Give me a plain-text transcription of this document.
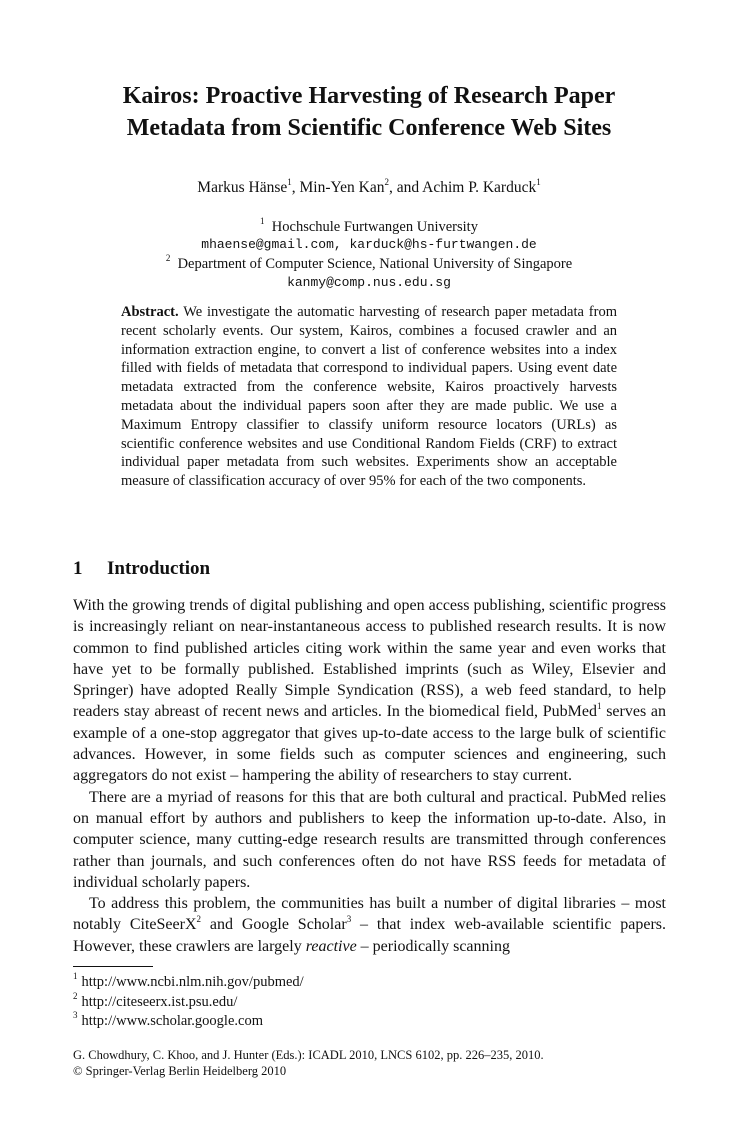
Kairos: Proactive Harvesting of Research Paper
Metadata from Scientific Conference Web Sites
Markus Hänse$^1$, Min-Yen Kan$^2$, and Achim P. Karduck$^1$
$^1$ Hochschule Furtwangen University
mhaense@gmail.com, karduck@hs-furtwangen.de
$^2$ Department of Computer Science, National University of Singapore
kanmy@comp.nus.edu.sg
Abstract. We investigate the automatic harvesting of research paper metadata from recent scholarly events. Our system, Kairos, combines a focused crawler and an information extraction engine, to convert a list of conference websites into a index filled with fields of metadata that correspond to individual papers. Using event date metadata extracted from the conference website, Kairos proactively harvests metadata about the individual papers soon after they are made public. We use a Maximum Entropy classifier to classify uniform resource locators (URLs) as scientific conference websites and use Conditional Random Fields (CRF) to extract individual paper metadata from such websites. Experiments show an acceptable measure of classification accuracy of over 95% for each of the two components.
1 Introduction

With the growing trends of digital publishing and open access publishing, scientific progress is increasingly reliant on near-instantaneous access to published research results. It is now common to find published articles citing work within the same year and even works that have yet to be formally published. Established imprints (such as Wiley, Elsevier and Springer) have adopted Really Simple Syndication (RSS), a web feed standard, to help readers stay abreast of recent news and articles. In the biomedical field, PubMed$^1$ serves an example of a one-stop aggregator that gives up-to-date access to the large bulk of scientific advances. However, in some fields such as computer sciences and engineering, such aggregators do not exist – hampering the ability of researchers to stay current.

There are a myriad of reasons for this that are both cultural and practical. PubMed relies on manual effort by authors and publishers to keep the information up-to-date. Also, in computer science, many cutting-edge research results are transmitted through conferences rather than journals, and such conferences often do not have RSS feeds for metadata of individual scholarly papers.

To address this problem, the communities has built a number of digital libraries – most notably CiteSeerX$^2$ and Google Scholar$^3$ – that index web-available scientific papers. However, these crawlers are largely reactive – periodically scanning

$^1$ http://www.ncbi.nlm.nih.gov/pubmed/
$^2$ http://citeseerx.ist.psu.edu/
$^3$ http://www.scholar.google.com
G. Chowdhury, C. Khoo, and J. Hunter (Eds.): ICADL 2010, LNCS 6102, pp. 226–235, 2010.
© Springer-Verlag Berlin Heidelberg 2010
